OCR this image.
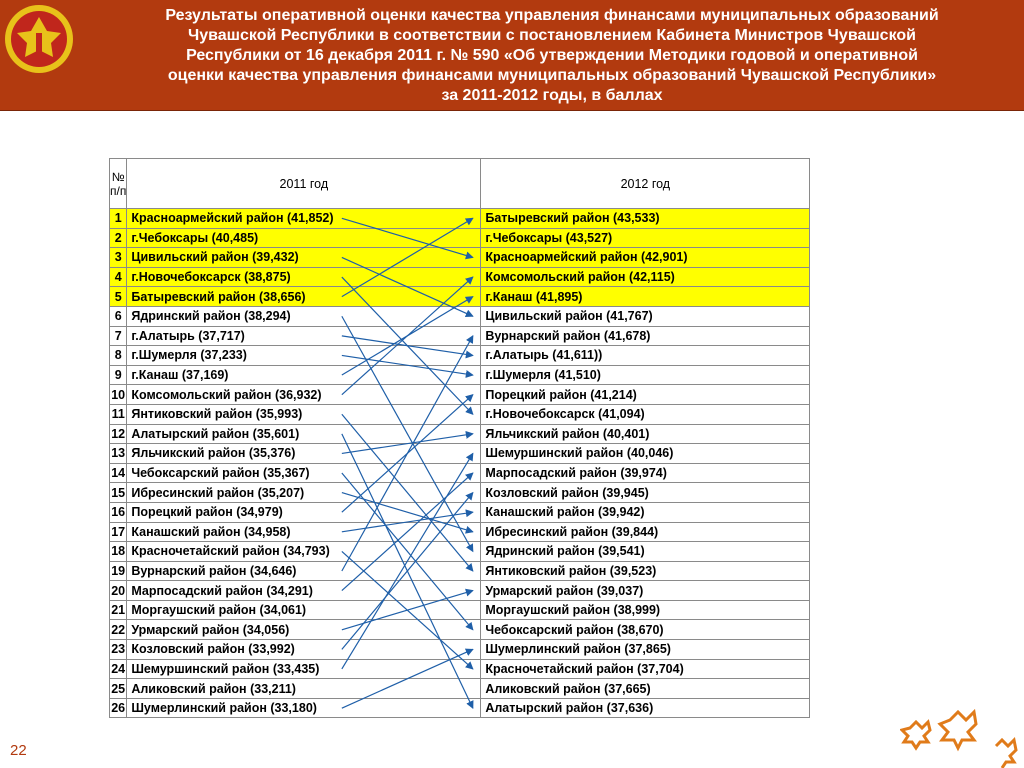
Результаты оперативной оценки качества управления финансами муниципальных образований
Чувашской Республики в соответствии с постановлением Кабинета Министров Чувашской
Республики от 16 декабря 2011 г. № 590 «Об утверждении Методики годовой и оперативной
оценки качества управления финансами муниципальных образований Чувашской Республики»
за 2011-2012 годы, в баллах
№
п/п	2011 год	2012 год
1	Красноармейский район (41,852)	Батыревский район (43,533)
2	г.Чебоксары (40,485)	г.Чебоксары (43,527)
3	Цивильский район (39,432)	Красноармейский район (42,901)
4	г.Новочебоксарск (38,875)	Комсомольский район (42,115)
5	Батыревский район (38,656)	г.Канаш (41,895)
6	Ядринский район (38,294)	Цивильский район (41,767)
7	г.Алатырь (37,717)	Вурнарский район (41,678)
8	г.Шумерля (37,233)	г.Алатырь (41,611))
9	г.Канаш (37,169)	г.Шумерля (41,510)
10	Комсомольский район (36,932)	Порецкий район (41,214)
11	Янтиковский район (35,993)	г.Новочебоксарск (41,094)
12	Алатырский район (35,601)	Яльчикский район (40,401)
13	Яльчикский район (35,376)	Шемуршинский район (40,046)
14	Чебоксарский район (35,367)	Марпосадский район (39,974)
15	Ибресинский район (35,207)	Козловский район (39,945)
16	Порецкий район (34,979)	Канашский район (39,942)
17	Канашский район (34,958)	Ибресинский район (39,844)
18	Красночетайский район (34,793)	Ядринский район (39,541)
19	Вурнарский район (34,646)	Янтиковский район (39,523)
20	Марпосадский район (34,291)	Урмарский район (39,037)
21	Моргаушский район (34,061)	Моргаушский район (38,999)
22	Урмарский район (34,056)	Чебоксарский район (38,670)
23	Козловский район (33,992)	Шумерлинский район (37,865)
24	Шемуршинский район (33,435)	Красночетайский район (37,704)
25	Аликовский район (33,211)	Аликовский район (37,665)
26	Шумерлинский район (33,180)	Алатырский район (37,636)
22
